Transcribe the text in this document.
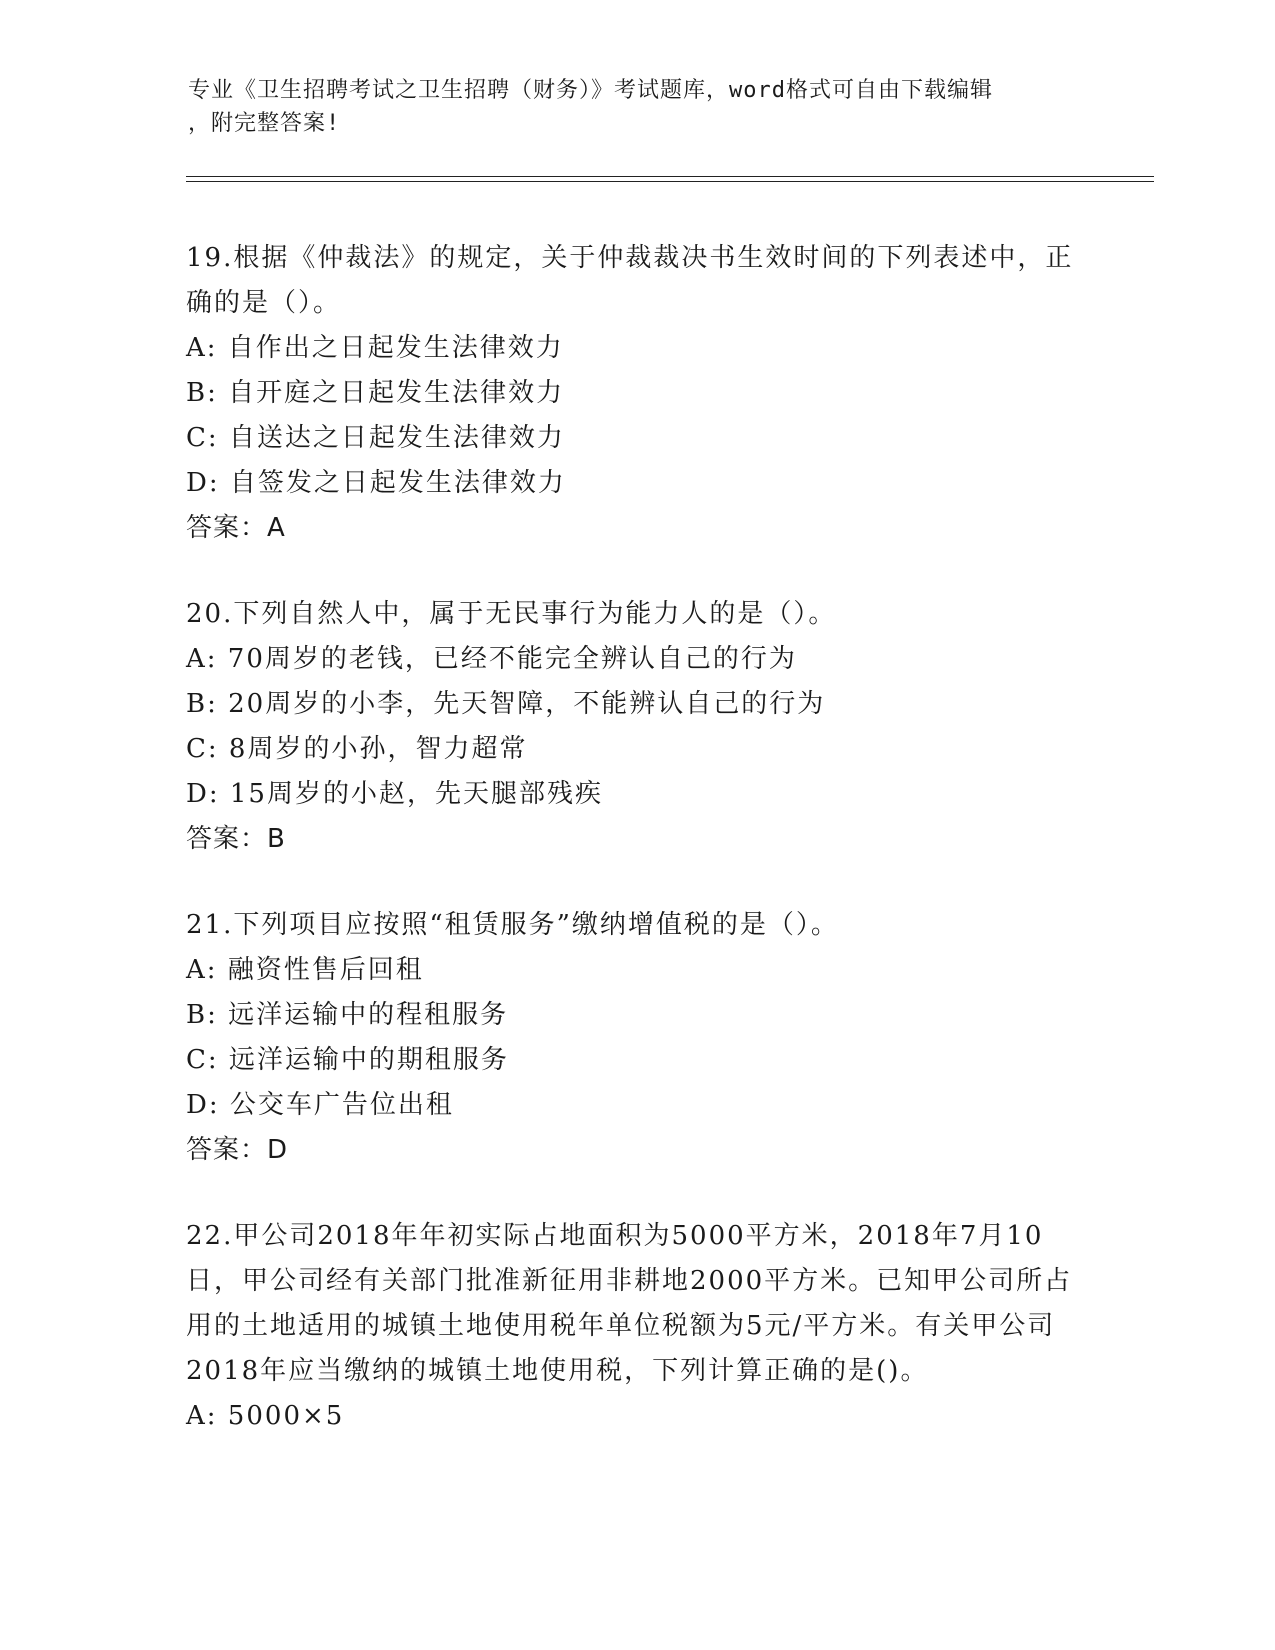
专业《卫生招聘考试之卫生招聘（财务）》考试题库，word格式可自由下载编辑
，附完整答案!
19.根据《仲裁法》的规定，关于仲裁裁决书生效时间的下列表述中，正确的是（）。
A: 自作出之日起发生法律效力
B: 自开庭之日起发生法律效力
C: 自送达之日起发生法律效力
D: 自签发之日起发生法律效力
答案：A
20.下列自然人中，属于无民事行为能力人的是（）。
A: 70周岁的老钱，已经不能完全辨认自己的行为
B: 20周岁的小李，先天智障，不能辨认自己的行为
C: 8周岁的小孙，智力超常
D: 15周岁的小赵，先天腿部残疾
答案：B
21.下列项目应按照“租赁服务”缴纳增值税的是（）。
A: 融资性售后回租
B: 远洋运输中的程租服务
C: 远洋运输中的期租服务
D: 公交车广告位出租
答案：D
22.甲公司2018年年初实际占地面积为5000平方米，2018年7月10日，甲公司经有关部门批准新征用非耕地2000平方米。已知甲公司所占用的土地适用的城镇土地使用税年单位税额为5元/平方米。有关甲公司2018年应当缴纳的城镇土地使用税，下列计算正确的是()。
A: 5000×5
